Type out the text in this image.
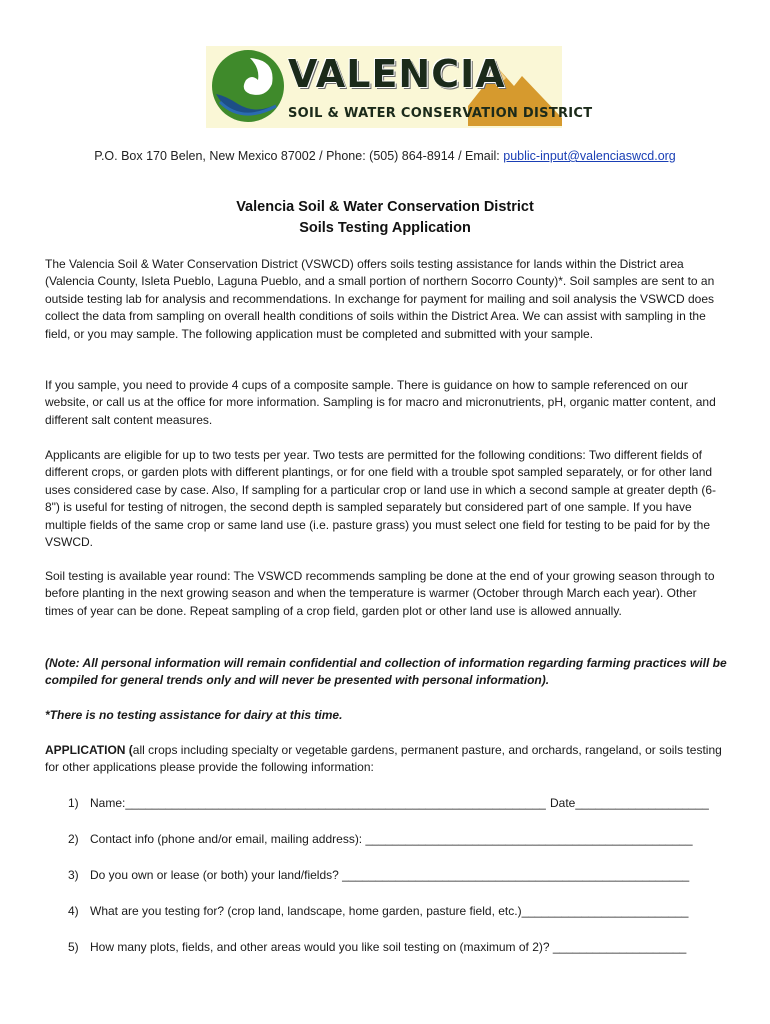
VALENCIA
SOIL & WATER CONSERVATION DISTRICT
P.O. Box 170 Belen, New Mexico 87002 / Phone: (505) 864-8914 / Email: public-input@valenciaswcd.org
Valencia Soil & Water Conservation District
Soils Testing Application
The Valencia Soil & Water Conservation District (VSWCD) offers soils testing assistance for lands within the District area (Valencia County, Isleta Pueblo, Laguna Pueblo, and a small portion of northern Socorro County)*. Soil samples are sent to an outside testing lab for analysis and recommendations. In exchange for payment for mailing and soil analysis the VSWCD does collect the data from sampling on overall health conditions of soils within the District Area. We can assist with sampling in the field, or you may sample. The following application must be completed and submitted with your sample.
If you sample, you need to provide 4 cups of a composite sample. There is guidance on how to sample referenced on our website, or call us at the office for more information. Sampling is for macro and micronutrients, pH, organic matter content, and different salt content measures.
Applicants are eligible for up to two tests per year. Two tests are permitted for the following conditions: Two different fields of different crops, or garden plots with different plantings, or for one field with a trouble spot sampled separately, or for other land uses considered case by case. Also, If sampling for a particular crop or land use in which a second sample at greater depth (6-8") is useful for testing of nitrogen, the second depth is sampled separately but considered part of one sample. If you have multiple fields of the same crop or same land use (i.e. pasture grass) you must select one field for testing to be paid for by the VSWCD.
Soil testing is available year round: The VSWCD recommends sampling be done at the end of your growing season through to before planting in the next growing season and when the temperature is warmer (October through March each year). Other times of year can be done. Repeat sampling of a crop field, garden plot or other land use is allowed annually.
(Note: All personal information will remain confidential and collection of information regarding farming practices will be compiled for general trends only and will never be presented with personal information).
*There is no testing assistance for dairy at this time.
APPLICATION (all crops including specialty or vegetable gardens, permanent pasture, and orchards, rangeland, or soils testing for other applications please provide the following information:
1) Name:_______________________________________________________________ Date____________________
2) Contact info (phone and/or email, mailing address): _________________________________________________
3) Do you own or lease (or both) your land/fields? ____________________________________________________
4) What are you testing for? (crop land, landscape, home garden, pasture field, etc.)_________________________
5) How many plots, fields, and other areas would you like soil testing on (maximum of 2)? ____________________
